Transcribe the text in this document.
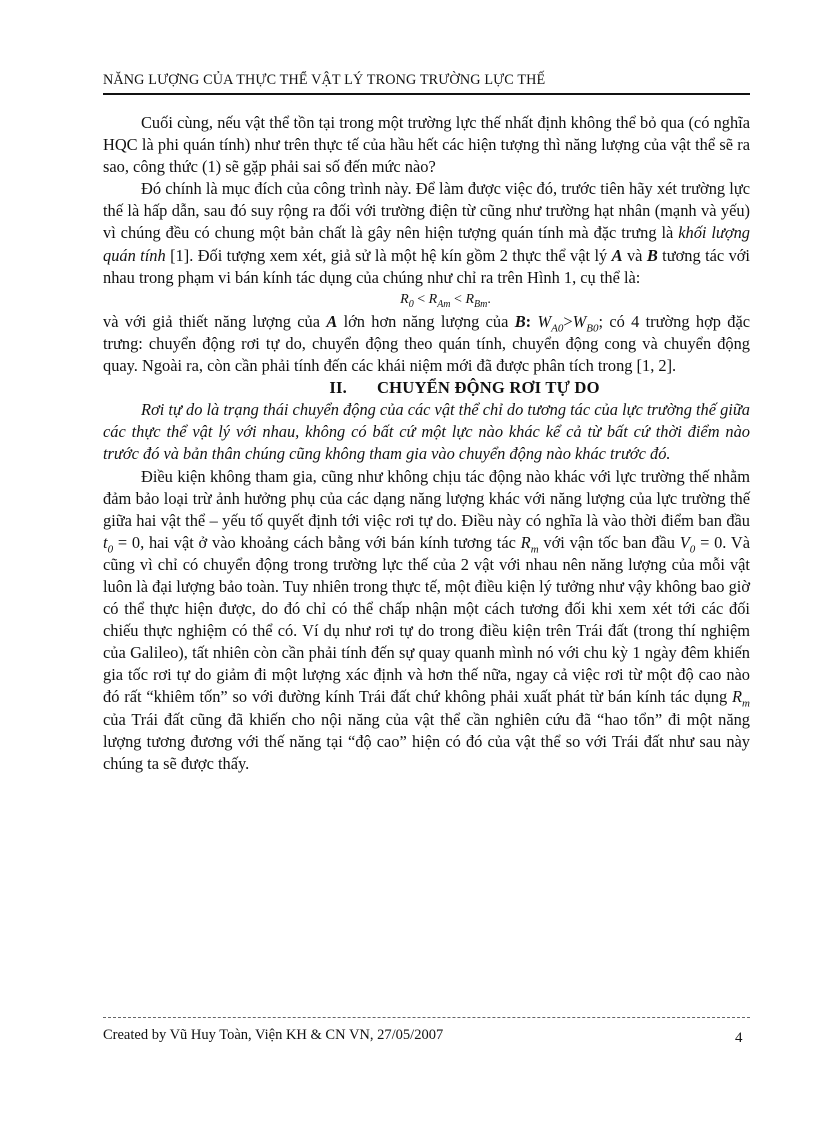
NĂNG LƯỢNG CỦA THỰC THỂ VẬT LÝ TRONG TRƯỜNG LỰC THẾ

Cuối cùng, nếu vật thể tồn tại trong một trường lực thế nhất định không thể bỏ qua (có nghĩa HQC là phi quán tính) như trên thực tế của hầu hết các hiện tượng thì năng lượng của vật thể sẽ ra sao, công thức (1) sẽ gặp phải sai số đến mức nào?

Đó chính là mục đích của công trình này. Để làm được việc đó, trước tiên hãy xét trường lực thế là hấp dẫn, sau đó suy rộng ra đối với trường điện từ cũng như trường hạt nhân (mạnh và yếu) vì chúng đều có chung một bản chất là gây nên hiện tượng quán tính mà đặc trưng là khối lượng quán tính [1]. Đối tượng xem xét, giả sử là một hệ kín gồm 2 thực thể vật lý A và B tương tác với nhau trong phạm vi bán kính tác dụng của chúng như chỉ ra trên Hình 1, cụ thể là:

$R_0 < R_{Am} < R_{Bm}$.

và với giả thiết năng lượng của A lớn hơn năng lượng của B: $W_{A0}>W_{B0}$; có 4 trường hợp đặc trưng: chuyển động rơi tự do, chuyển động theo quán tính, chuyển động cong và chuyển động quay. Ngoài ra, còn cần phải tính đến các khái niệm mới đã được phân tích trong [1, 2].

II. CHUYỂN ĐỘNG RƠI TỰ DO

Rơi tự do là trạng thái chuyển động của các vật thể chỉ do tương tác của lực trường thế giữa các thực thể vật lý với nhau, không có bất cứ một lực nào khác kể cả từ bất cứ thời điểm nào trước đó và bản thân chúng cũng không tham gia vào chuyển động nào khác trước đó.

Điều kiện không tham gia, cũng như không chịu tác động nào khác với lực trường thế nhằm đảm bảo loại trừ ảnh hưởng phụ của các dạng năng lượng khác với năng lượng của lực trường thế giữa hai vật thể – yếu tố quyết định tới việc rơi tự do. Điều này có nghĩa là vào thời điểm ban đầu $t_0 = 0$, hai vật ở vào khoảng cách bằng với bán kính tương tác $R_m$ với vận tốc ban đầu $V_0 = 0$. Và cũng vì chỉ có chuyển động trong trường lực thế của 2 vật với nhau nên năng lượng của mỗi vật luôn là đại lượng bảo toàn. Tuy nhiên trong thực tế, một điều kiện lý tưởng như vậy không bao giờ có thể thực hiện được, do đó chỉ có thể chấp nhận một cách tương đối khi xem xét tới các đối chiếu thực nghiệm có thể có. Ví dụ như rơi tự do trong điều kiện trên Trái đất (trong thí nghiệm của Galileo), tất nhiên còn cần phải tính đến sự quay quanh mình nó với chu kỳ 1 ngày đêm khiến gia tốc rơi tự do giảm đi một lượng xác định và hơn thế nữa, ngay cả việc rơi từ một độ cao nào đó rất “khiêm tốn” so với đường kính Trái đất chứ không phải xuất phát từ bán kính tác dụng $R_m$ của Trái đất cũng đã khiến cho nội năng của vật thể cần nghiên cứu đã “hao tổn” đi một năng lượng tương đương với thế năng tại “độ cao” hiện có đó của vật thể so với Trái đất như sau này chúng ta sẽ được thấy.

Created by Vũ Huy Toàn, Viện KH & CN VN, 27/05/2007	4
